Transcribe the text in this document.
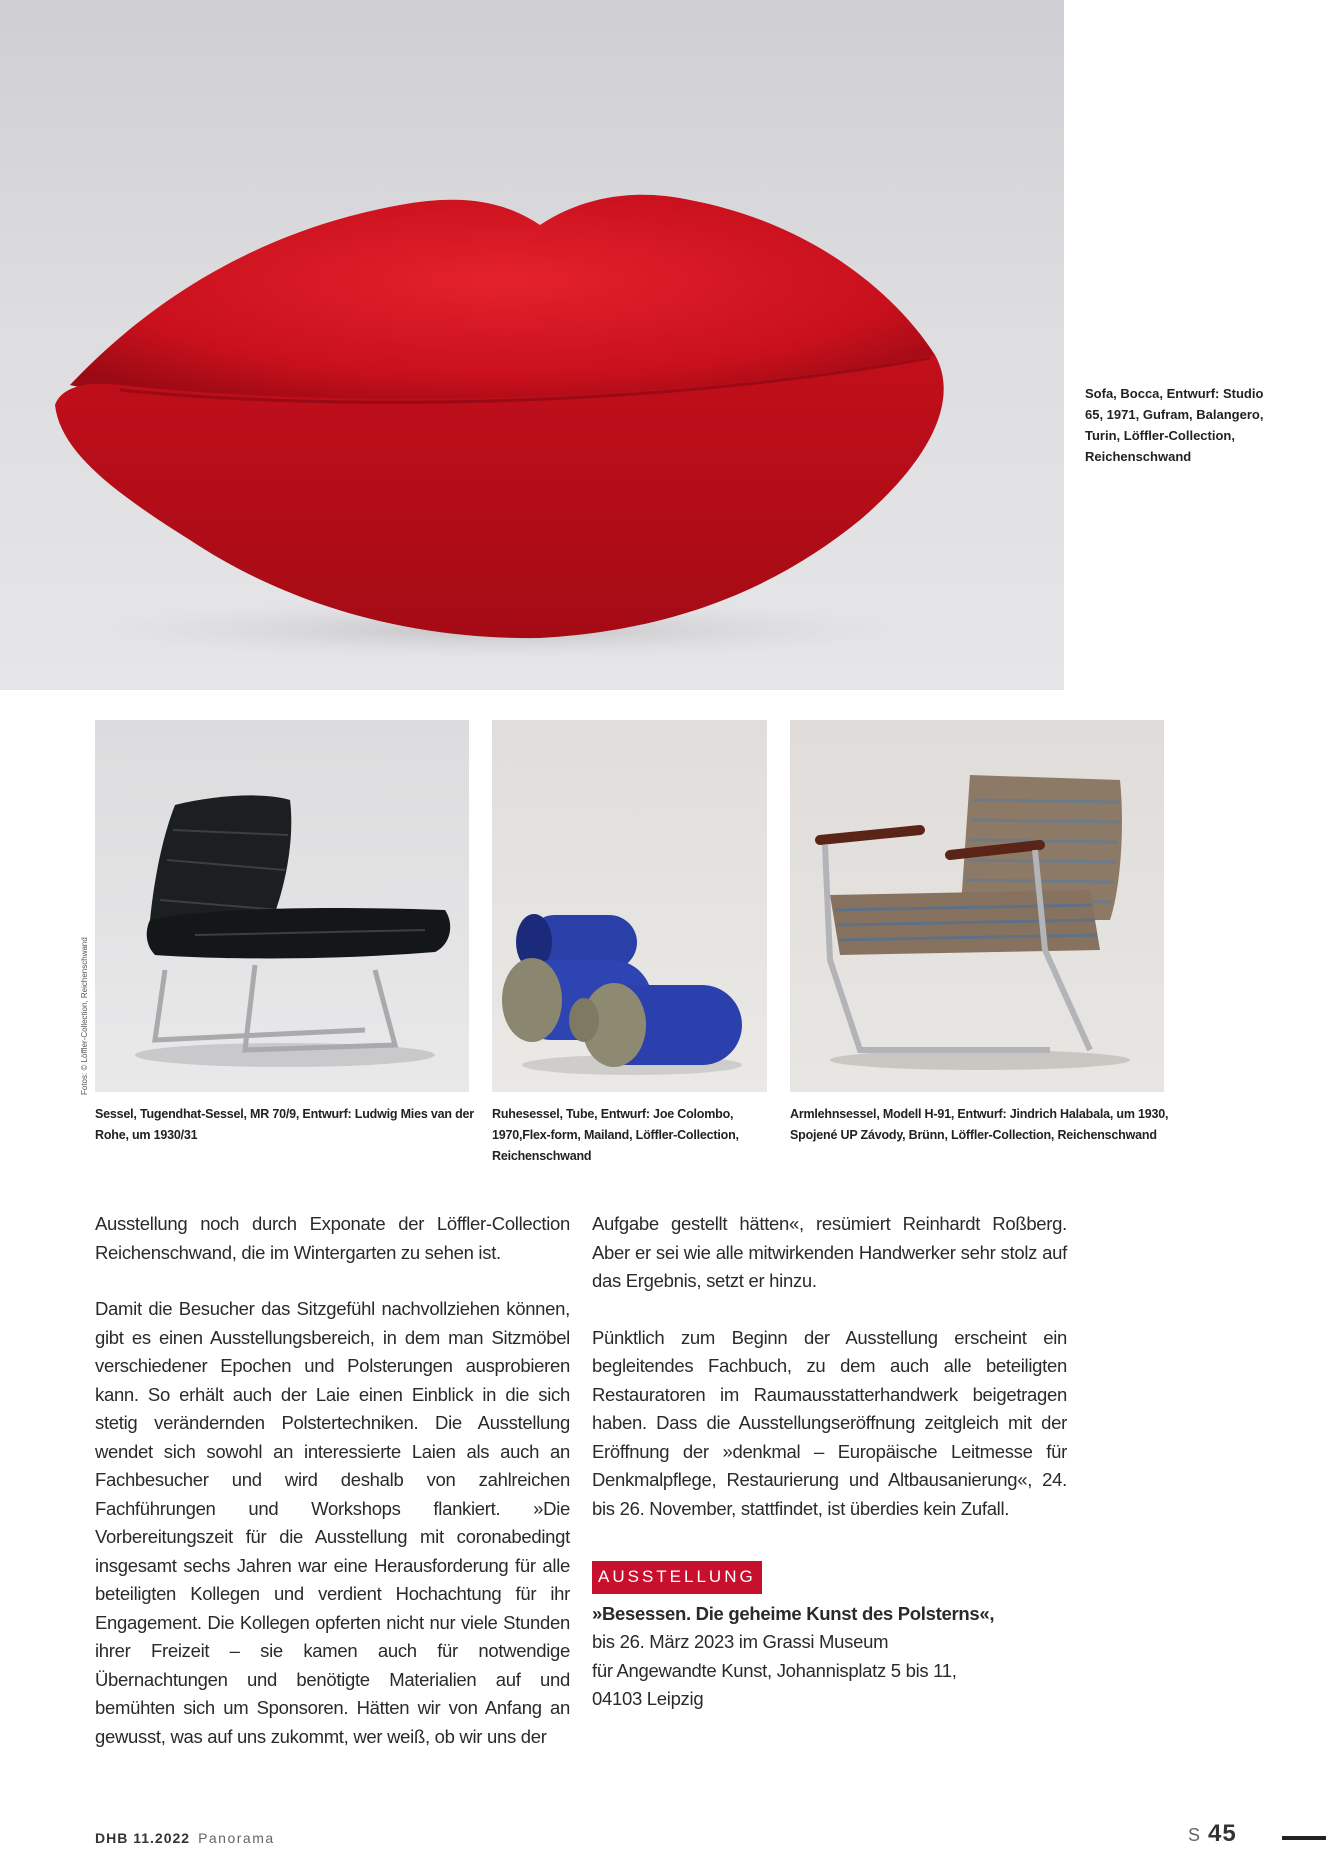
Sofa, Bocca, Entwurf: Studio
65, 1971, Gufram, Balangero,
Turin, Löffler-Collection,
Reichenschwand
Fotos: © Löffler-Collection, Reichenschwand
Sessel, Tugendhat-Sessel, MR 70/9, Entwurf: Ludwig Mies van der Rohe, um 1930/31
Ruhesessel, Tube, Entwurf: Joe Colombo, 1970,Flex-form, Mailand, Löffler-Collection, Reichenschwand
Armlehnsessel, Modell H-91, Entwurf: Jindrich Halabala, um 1930, Spojené UP Závody, Brünn, Löffler-Collection, Reichenschwand

Ausstellung noch durch Exponate der Löffler-Collection Reichenschwand, die im Wintergarten zu sehen ist.

Damit die Besucher das Sitzgefühl nachvollziehen können, gibt es einen Ausstellungsbereich, in dem man Sitzmöbel verschiedener Epochen und Polsterungen ausprobieren kann. So erhält auch der Laie einen Einblick in die sich stetig verändernden Polstertechniken. Die Ausstellung wendet sich sowohl an interessierte Laien als auch an Fachbesucher und wird deshalb von zahlreichen Fachführungen und Workshops flankiert. »Die Vorbereitungszeit für die Ausstellung mit coronabedingt insgesamt sechs Jahren war eine Herausforderung für alle beteiligten Kollegen und verdient Hochachtung für ihr Engagement. Die Kollegen opferten nicht nur viele Stunden ihrer Freizeit – sie kamen auch für notwendige Übernachtungen und benötigte Materialien auf und bemühten sich um Sponsoren. Hätten wir von Anfang an gewusst, was auf uns zukommt, wer weiß, ob wir uns der

Aufgabe gestellt hätten«, resümiert Reinhardt Roßberg. Aber er sei wie alle mitwirkenden Handwerker sehr stolz auf das Ergebnis, setzt er hinzu.

Pünktlich zum Beginn der Ausstellung erscheint ein begleitendes Fachbuch, zu dem auch alle beteiligten Restauratoren im Raumausstatterhandwerk beigetragen haben. Dass die Ausstellungseröffnung zeitgleich mit der Eröffnung der »denkmal – Europäische Leitmesse für Denkmalpflege, Restaurierung und Altbausanierung«, 24. bis 26. November, stattfindet, ist überdies kein Zufall.

AUSSTELLUNG

»Besessen. Die geheime Kunst des Polsterns«,

bis 26. März 2023 im Grassi Museum

für Angewandte Kunst, Johannisplatz 5 bis 11,

04103 Leipzig

DHB 11.2022 Panorama	S 45
